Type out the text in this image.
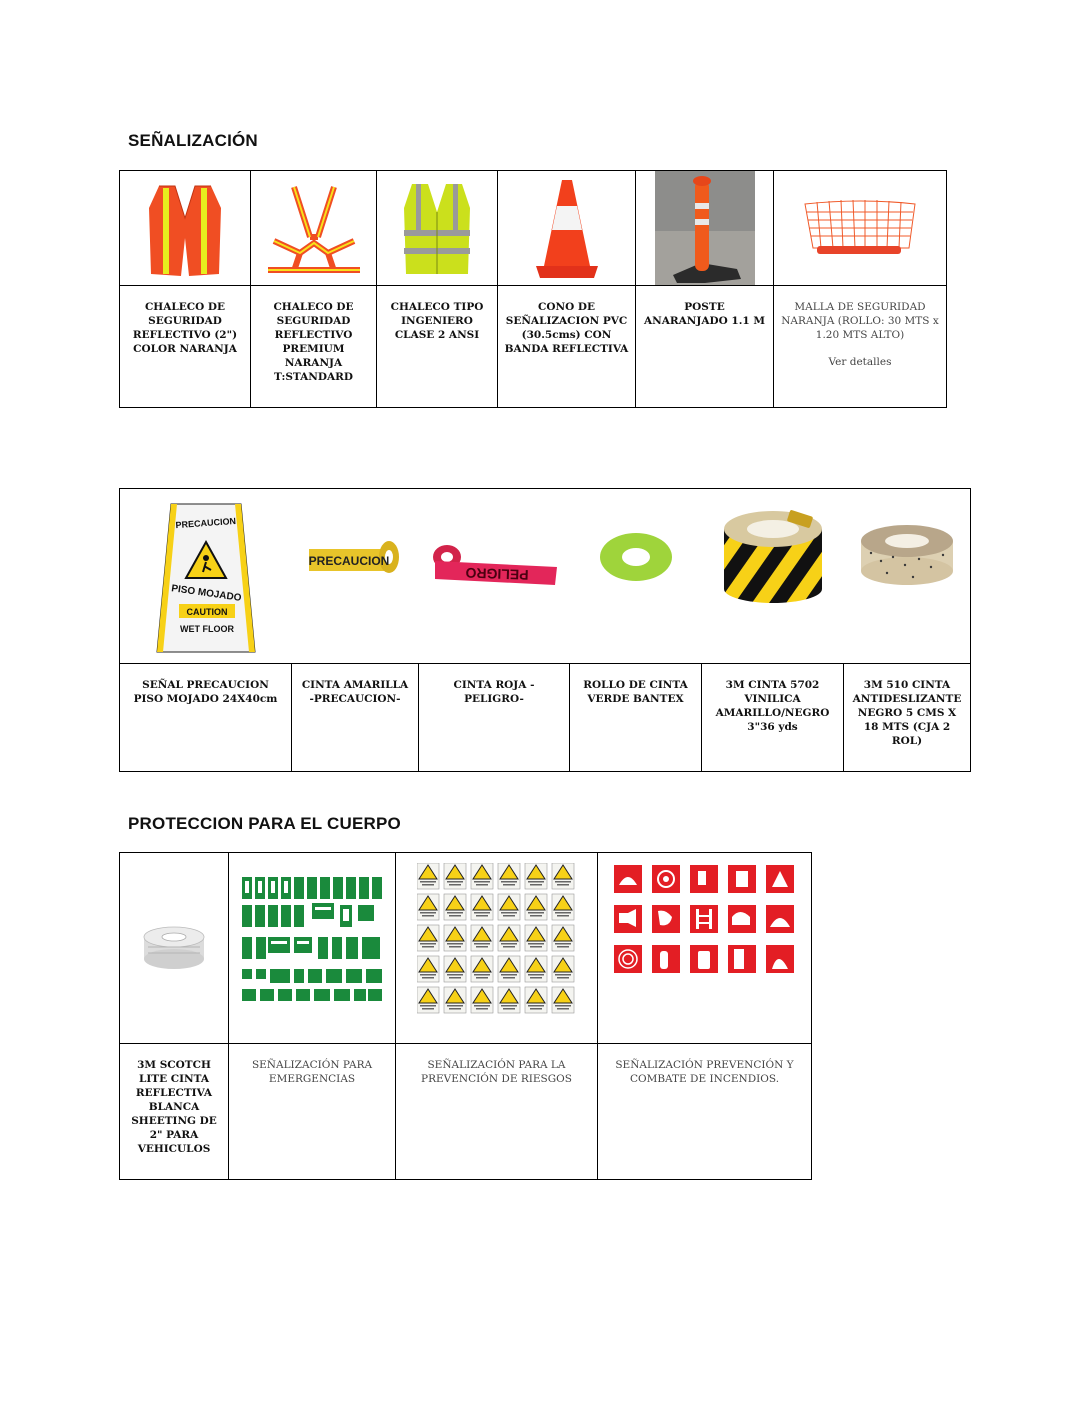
SEÑALIZACIÓN

CHALECO DE SEGURIDAD REFLECTIVO (2") COLOR NARANJA	CHALECO DE SEGURIDAD REFLECTIVO PREMIUM NARANJA T:STANDARD	CHALECO TIPO INGENIERO CLASE 2 ANSI	CONO DE SEÑALIZACION PVC (30.5cms) CON BANDA REFLECTIVA	POSTE ANARANJADO 1.1 M	MALLA DE SEGURIDAD NARANJA (ROLLO: 30 MTS x 1.20 MTS ALTO)
Ver detalles
PRECAUCION
PISO MOJADO
CAUTION
WET FLOOR	PRECAUCION	PELIGRO

SEÑAL PRECAUCION PISO MOJADO 24X40cm	CINTA AMARILLA -PRECAUCION-	CINTA ROJA -PELIGRO-	ROLLO DE CINTA VERDE BANTEX	3M CINTA 5702 VINILICA AMARILLO/NEGRO 3"36 yds	3M 510 CINTA ANTIDESLIZANTE NEGRO 5 CMS X 18 MTS (CJA 2 ROL)
PROTECCION PARA EL CUERPO

3M SCOTCH LITE CINTA REFLECTIVA BLANCA SHEETING DE 2" PARA VEHICULOS	SEÑALIZACIÓN PARA EMERGENCIAS	SEÑALIZACIÓN PARA LA PREVENCIÓN DE RIESGOS	SEÑALIZACIÓN PREVENCIÓN Y COMBATE DE INCENDIOS.
